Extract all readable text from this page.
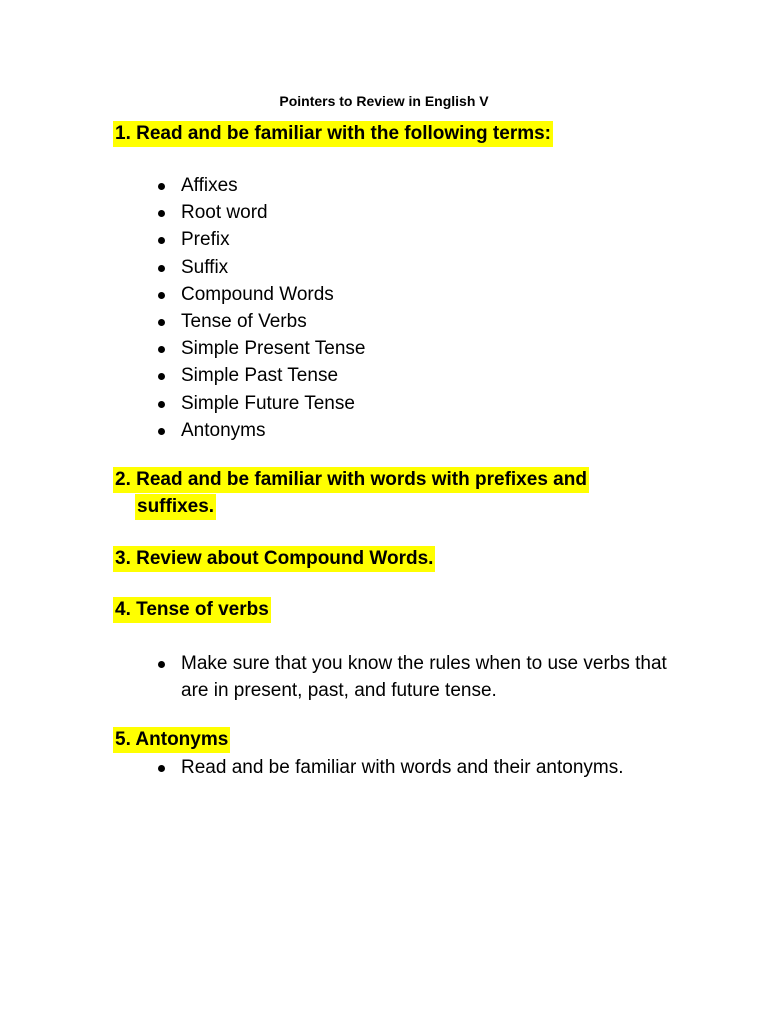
Pointers to Review in English V
1. Read and be familiar with the following terms:
Affixes
Root word
Prefix
Suffix
Compound Words
Tense of Verbs
Simple Present Tense
Simple Past Tense
Simple Future Tense
Antonyms
2. Read and be familiar with words with prefixes and
suffixes.
3. Review about Compound Words.
4. Tense of verbs
Make sure that you know the rules when to use verbs that are in present, past, and future tense.
5. Antonyms
Read and be familiar with words and their antonyms.
